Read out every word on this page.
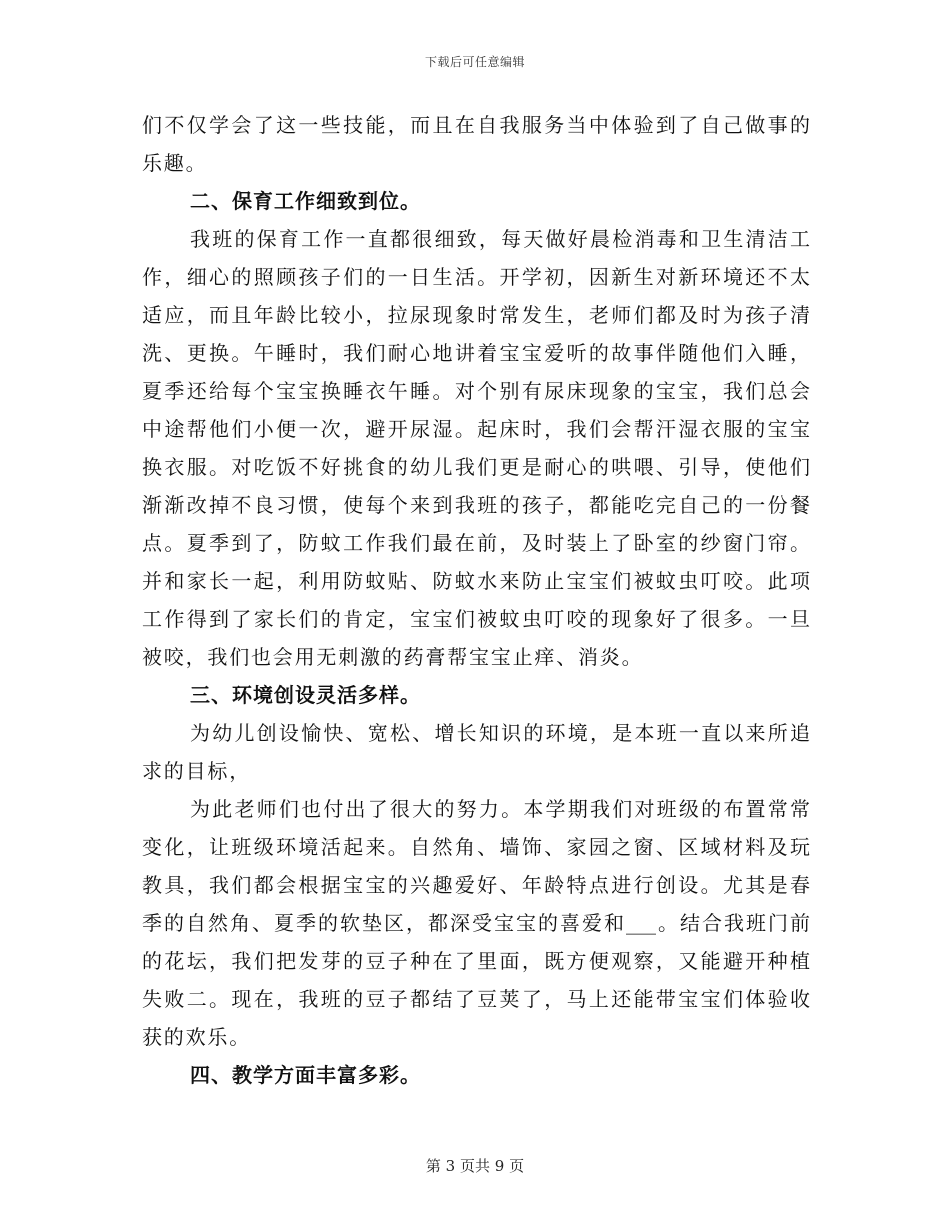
下载后可任意编辑
们不仅学会了这一些技能，而且在自我服务当中体验到了自己做事的
乐趣。
二、保育工作细致到位。
我班的保育工作一直都很细致，每天做好晨检消毒和卫生清洁工
作，细心的照顾孩子们的一日生活。开学初，因新生对新环境还不太
适应，而且年龄比较小，拉尿现象时常发生，老师们都及时为孩子清
洗、更换。午睡时，我们耐心地讲着宝宝爱听的故事伴随他们入睡，
夏季还给每个宝宝换睡衣午睡。对个别有尿床现象的宝宝，我们总会
中途帮他们小便一次，避开尿湿。起床时，我们会帮汗湿衣服的宝宝
换衣服。对吃饭不好挑食的幼儿我们更是耐心的哄喂、引导，使他们
渐渐改掉不良习惯，使每个来到我班的孩子，都能吃完自己的一份餐
点。夏季到了，防蚊工作我们最在前，及时装上了卧室的纱窗门帘。
并和家长一起，利用防蚊贴、防蚊水来防止宝宝们被蚊虫叮咬。此项
工作得到了家长们的肯定，宝宝们被蚊虫叮咬的现象好了很多。一旦
被咬，我们也会用无刺激的药膏帮宝宝止痒、消炎。
三、环境创设灵活多样。
为幼儿创设愉快、宽松、增长知识的环境，是本班一直以来所追
求的目标，
为此老师们也付出了很大的努力。本学期我们对班级的布置常常
变化，让班级环境活起来。自然角、墙饰、家园之窗、区域材料及玩
教具，我们都会根据宝宝的兴趣爱好、年龄特点进行创设。尤其是春
季的自然角、夏季的软垫区，都深受宝宝的喜爱和___。结合我班门前
的花坛，我们把发芽的豆子种在了里面，既方便观察，又能避开种植
失败二。现在，我班的豆子都结了豆荚了，马上还能带宝宝们体验收
获的欢乐。
四、教学方面丰富多彩。
第 3 页共 9 页
